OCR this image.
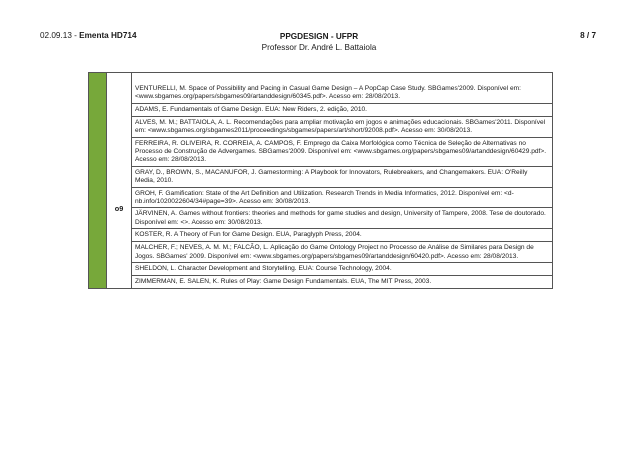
02.09.13 - Ementa HD714	PPGDESIGN - UFPR
Professor Dr. André L. Battaiola
8 / 7
o9
VENTURELLI, M. Space of Possibility and Pacing in Casual Game Design – A PopCap Case Study. SBGames'2009. Disponível em: <www.sbgames.org/papers/sbgames09/artanddesign/60345.pdf>. Acesso em: 28/08/2013.
ADAMS, E. Fundamentals of Game Design. EUA: New Riders, 2. edição, 2010.
ALVES, M. M.; BATTAIOLA, A. L. Recomendações para ampliar motivação em jogos e animações educacionais. SBGames'2011. Disponível em: <www.sbgames.org/sbgames2011/proceedings/sbgames/papers/art/short/92008.pdf>. Acesso em: 30/08/2013.
FERREIRA, R. OLIVEIRA, R. CORREIA, A. CAMPOS, F. Emprego da Caixa Morfológica como Técnica de Seleção de Alternativas no Processo de Construção de Advergames. SBGames'2009. Disponível em: <www.sbgames.org/papers/sbgames09/artanddesign/60429.pdf>. Acesso em: 28/08/2013.
GRAY, D., BROWN, S., MACANUFOR, J. Gamestorming: A Playbook for Innovators, Rulebreakers, and Changemakers. EUA: O'Reilly Media, 2010.
GROH, F. Gamification: State of the Art Definition and Utilization. Research Trends in Media Informatics, 2012. Disponível em: <d-nb.info/1020022604/34#page=39>. Acesso em: 30/08/2013.
JÄRVINEN, A. Games without frontiers: theories and methods for game studies and design, University of Tampere, 2008. Tese de doutorado. Disponível em: <>. Acesso em: 30/08/2013.
KOSTER, R. A Theory of Fun for Game Design. EUA, Paraglyph Press, 2004.
MALCHER, F.; NEVES, A. M. M.; FALCÃO, L. Aplicação do Game Ontology Project no Processo de Análise de Similares para Design de Jogos. SBGames' 2009. Disponível em: <www.sbgames.org/papers/sbgames09/artanddesign/60420.pdf>. Acesso em: 28/08/2013.
SHELDON, L. Character Development and Storytelling. EUA: Course Technology, 2004.
ZIMMERMAN, E. SALEN, K. Rules of Play: Game Design Fundamentals. EUA, The MIT Press, 2003.
